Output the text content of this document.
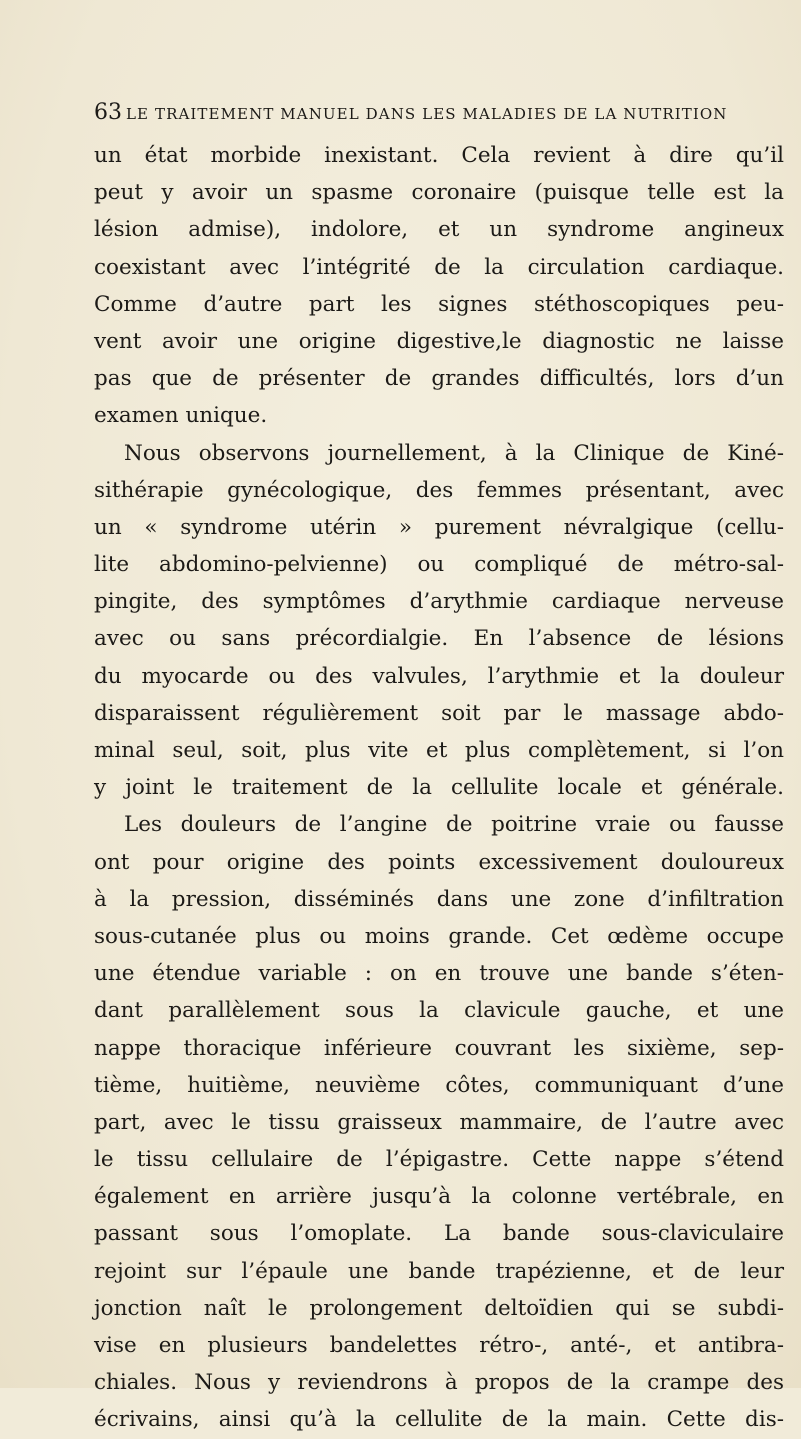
63 LE TRAITEMENT MANUEL DANS LES MALADIES DE LA NUTRITION
un état morbide inexistant. Cela revient à dire qu’il
peut y avoir un spasme coronaire (puisque telle est la
lésion admise), indolore, et un syndrome angineux
coexistant avec l’intégrité de la circulation cardiaque.
Comme d’autre part les signes stéthoscopiques peu-
vent avoir une origine digestive,le diagnostic ne laisse
pas que de présenter de grandes difficultés, lors d’un
examen unique.
Nous observons journellement, à la Clinique de Kiné-
sithérapie gynécologique, des femmes présentant, avec
un « syndrome utérin » purement névralgique (cellu-
lite abdomino-pelvienne) ou compliqué de métro-sal-
pingite, des symptômes d’arythmie cardiaque nerveuse
avec ou sans précordialgie. En l’absence de lésions
du myocarde ou des valvules, l’arythmie et la douleur
disparaissent régulièrement soit par le massage abdo-
minal seul, soit, plus vite et plus complètement, si l’on
y joint le traitement de la cellulite locale et générale.
Les douleurs de l’angine de poitrine vraie ou fausse
ont pour origine des points excessivement douloureux
à la pression, disséminés dans une zone d’infiltration
sous-cutanée plus ou moins grande. Cet œdème occupe
une étendue variable : on en trouve une bande s’éten-
dant parallèlement sous la clavicule gauche, et une
nappe thoracique inférieure couvrant les sixième, sep-
tième, huitième, neuvième côtes, communiquant d’une
part, avec le tissu graisseux mammaire, de l’autre avec
le tissu cellulaire de l’épigastre. Cette nappe s’étend
également en arrière jusqu’à la colonne vertébrale, en
passant sous l’omoplate. La bande sous-claviculaire
rejoint sur l’épaule une bande trapézienne, et de leur
jonction naît le prolongement deltoïdien qui se subdi-
vise en plusieurs bandelettes rétro-, anté-, et antibra-
chiales. Nous y reviendrons à propos de la crampe des
écrivains, ainsi qu’à la cellulite de la main. Cette dis-
